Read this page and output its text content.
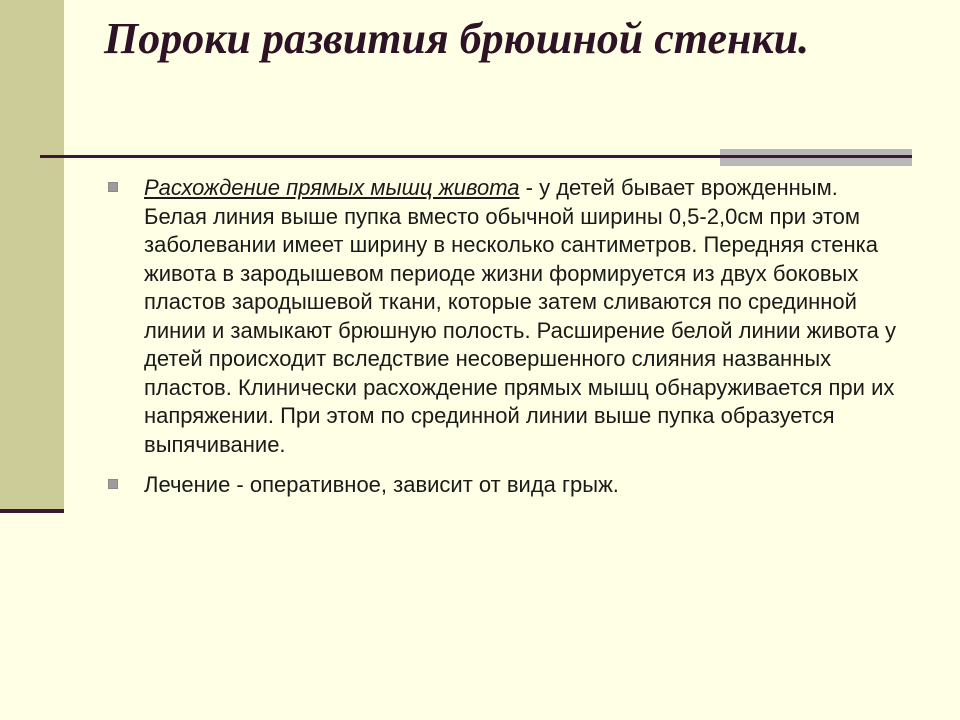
Пороки развития брюшной стенки.
Расхождение прямых мышц живота - у детей бывает врожденным. Белая линия выше пупка вместо обычной ширины 0,5-2,0см при этом заболевании имеет ширину в несколько сантиметров. Передняя стенка живота в зародышевом периоде жизни формируется из двух боковых пластов зародышевой ткани, которые затем сливаются по срединной линии и замыкают брюшную полость. Расширение белой линии живота у детей происходит вследствие несовершенного слияния названных пластов. Клинически расхождение прямых мышц обнаруживается при их напряжении. При этом по срединной линии выше пупка образуется выпячивание.
Лечение - оперативное, зависит от вида грыж.
